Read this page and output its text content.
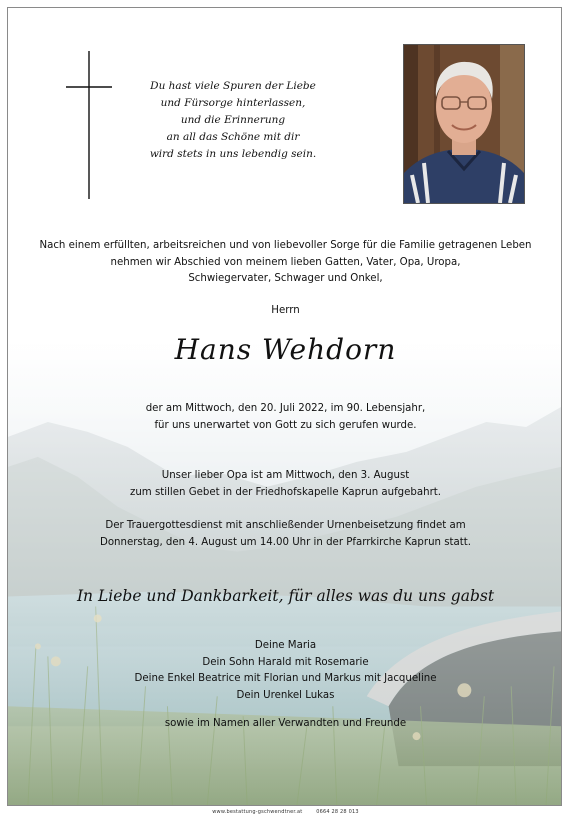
Du hast viele Spuren der Liebe
und Fürsorge hinterlassen,
und die Erinnerung
an all das Schöne mit dir
wird stets in uns lebendig sein.
Nach einem erfüllten, arbeitsreichen und von liebevoller Sorge für die Familie getragenen Leben
nehmen wir Abschied von meinem lieben Gatten, Vater, Opa, Uropa,
Schwiegervater, Schwager und Onkel,
Herrn
Hans Wehdorn
der am Mittwoch, den 20. Juli 2022, im 90. Lebensjahr,
für uns unerwartet von Gott zu sich gerufen wurde.
Unser lieber Opa ist am Mittwoch, den 3. August
zum stillen Gebet in der Friedhofskapelle Kaprun aufgebahrt.
Der Trauergottesdienst mit anschließender Urnenbeisetzung findet am
Donnerstag, den 4. August um 14.00 Uhr in der Pfarrkirche Kaprun statt.
In Liebe und Dankbarkeit, für alles was du uns gabst
Deine Maria
Dein Sohn Harald mit Rosemarie
Deine Enkel Beatrice mit Florian und Markus mit Jacqueline
Dein Urenkel Lukas
sowie im Namen aller Verwandten und Freunde
www.bestattung-gschwendtner.at	0664 28 28 013
